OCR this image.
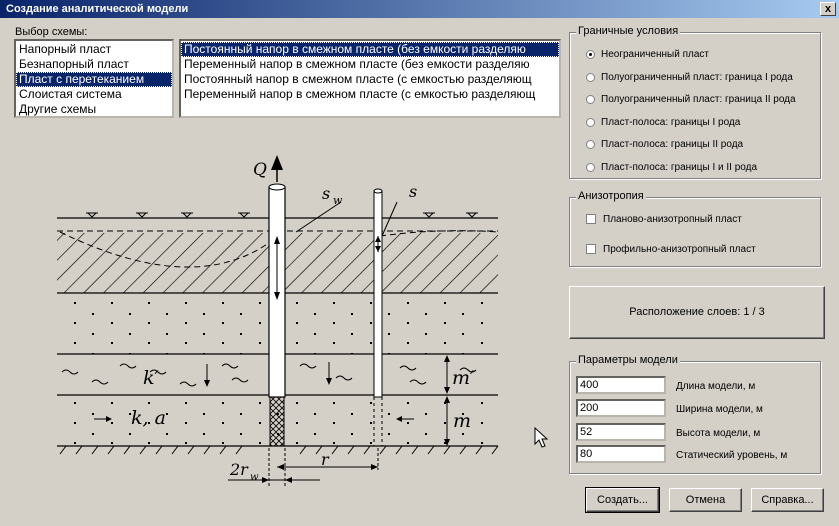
Создание аналитической модели	x
Выбор схемы:
Напорный пласт
Безнапорный пласт
Пласт с перетеканием
Слоистая система
Другие схемы
Постоянный напор в смежном пласте (без емкости разделяю
Переменный напор в смежном пласте (без емкости разделяю
Постоянный напор в смежном пласте (с емкостью разделяющ
Переменный напор в смежном пласте (с емкостью разделяющ
Граничные условия
Неограниченный пласт
Полуограниченный пласт: граница I рода
Полуограниченный пласт: граница II рода
Пласт-полоса: границы I рода
Пласт-полоса: границы II рода
Пласт-полоса: границы I и II рода
Анизотропия
Планово-анизотропный пласт
Профильно-анизотропный пласт
Расположение слоев: 1 / 3
Параметры модели
400	Длина модели, м
200	Ширина модели, м
52	Высота модели, м
80	Статический уровень, м
Создать...	Отмена	Справка...
Q
s w	s
k′
k, a
m′
m
2r w
r
